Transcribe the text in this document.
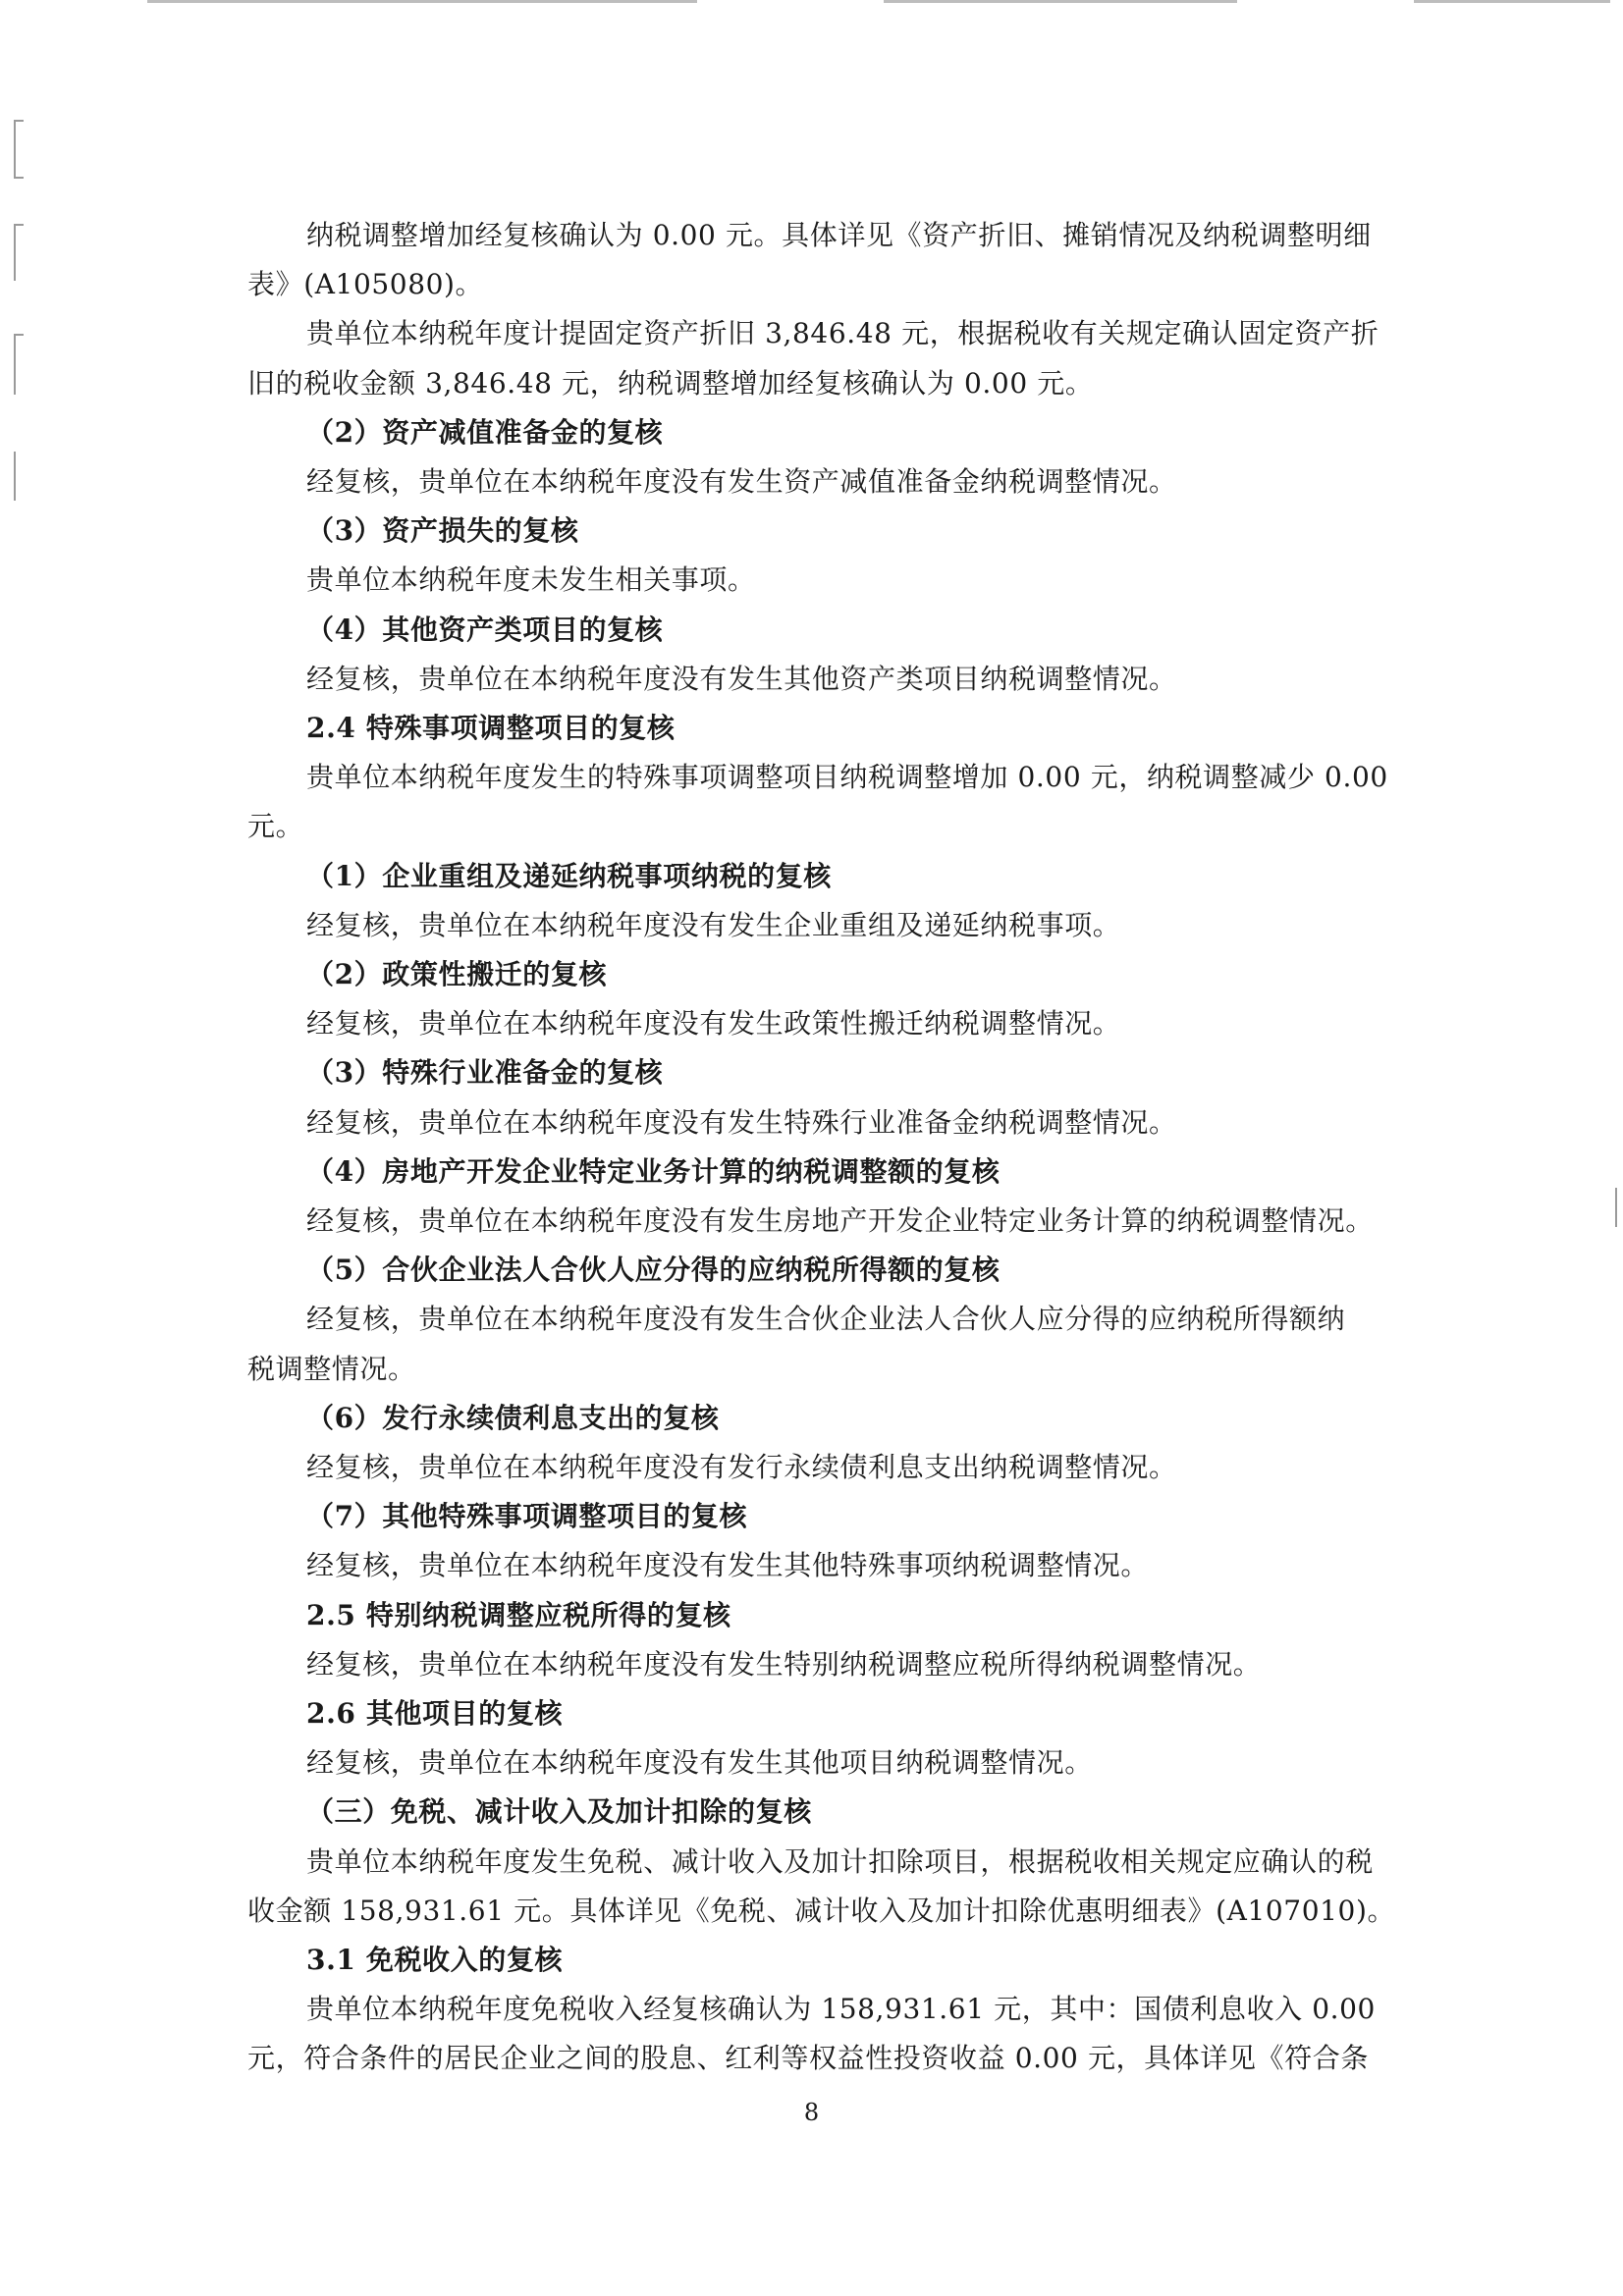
纳税调整增加经复核确认为 0.00 元。具体详见《资产折旧、摊销情况及纳税调整明细
表》(A105080)。
贵单位本纳税年度计提固定资产折旧 3,846.48 元，根据税收有关规定确认固定资产折
旧的税收金额 3,846.48 元，纳税调整增加经复核确认为 0.00 元。
（2）资产减值准备金的复核
经复核，贵单位在本纳税年度没有发生资产减值准备金纳税调整情况。
（3）资产损失的复核
贵单位本纳税年度未发生相关事项。
（4）其他资产类项目的复核
经复核，贵单位在本纳税年度没有发生其他资产类项目纳税调整情况。
2.4 特殊事项调整项目的复核
贵单位本纳税年度发生的特殊事项调整项目纳税调整增加 0.00 元，纳税调整减少 0.00
元。
（1）企业重组及递延纳税事项纳税的复核
经复核，贵单位在本纳税年度没有发生企业重组及递延纳税事项。
（2）政策性搬迁的复核
经复核，贵单位在本纳税年度没有发生政策性搬迁纳税调整情况。
（3）特殊行业准备金的复核
经复核，贵单位在本纳税年度没有发生特殊行业准备金纳税调整情况。
（4）房地产开发企业特定业务计算的纳税调整额的复核
经复核，贵单位在本纳税年度没有发生房地产开发企业特定业务计算的纳税调整情况。
（5）合伙企业法人合伙人应分得的应纳税所得额的复核
经复核，贵单位在本纳税年度没有发生合伙企业法人合伙人应分得的应纳税所得额纳
税调整情况。
（6）发行永续债利息支出的复核
经复核，贵单位在本纳税年度没有发行永续债利息支出纳税调整情况。
（7）其他特殊事项调整项目的复核
经复核，贵单位在本纳税年度没有发生其他特殊事项纳税调整情况。
2.5 特别纳税调整应税所得的复核
经复核，贵单位在本纳税年度没有发生特别纳税调整应税所得纳税调整情况。
2.6 其他项目的复核
经复核，贵单位在本纳税年度没有发生其他项目纳税调整情况。
（三）免税、减计收入及加计扣除的复核
贵单位本纳税年度发生免税、减计收入及加计扣除项目，根据税收相关规定应确认的税
收金额 158,931.61 元。具体详见《免税、减计收入及加计扣除优惠明细表》(A107010)。
3.1 免税收入的复核
贵单位本纳税年度免税收入经复核确认为 158,931.61 元，其中：国债利息收入 0.00
元，符合条件的居民企业之间的股息、红利等权益性投资收益 0.00 元，具体详见《符合条
8
